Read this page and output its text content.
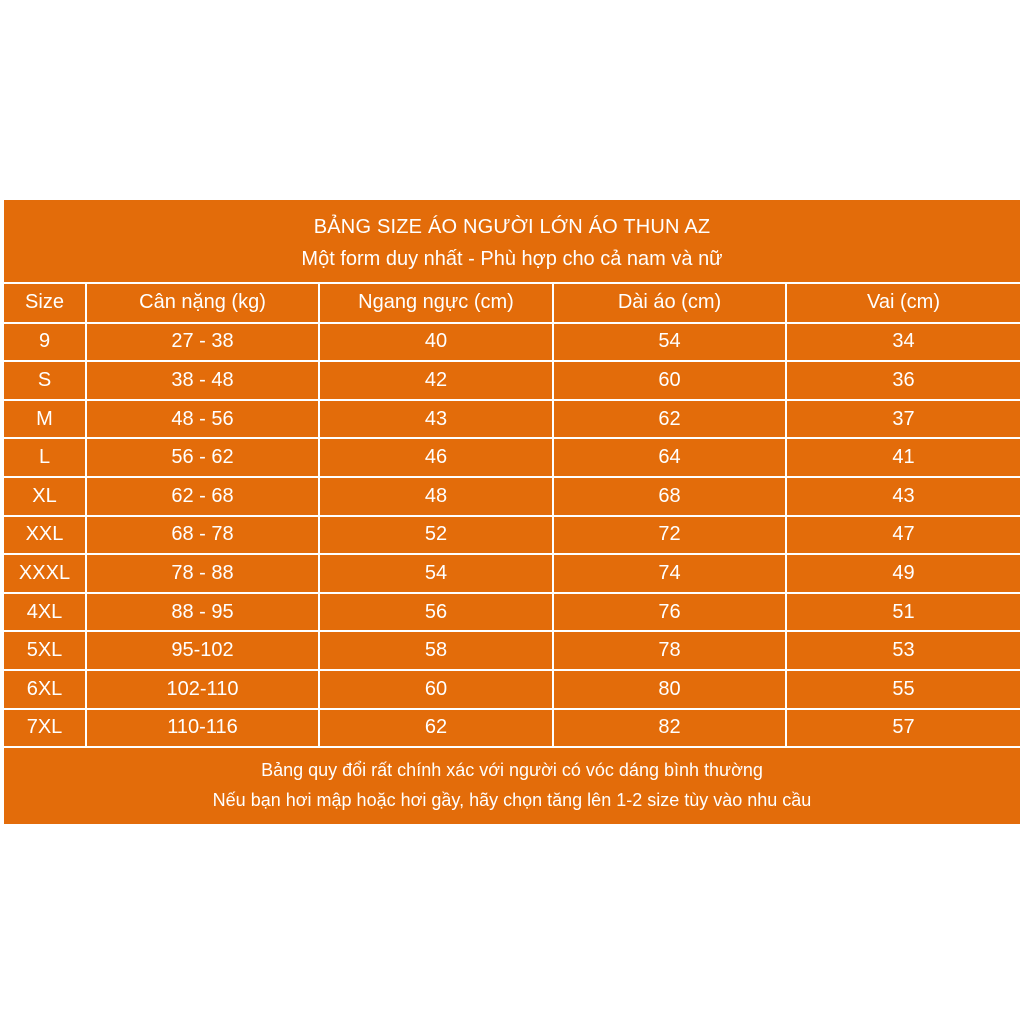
BẢNG SIZE ÁO NGƯỜI LỚN ÁO THUN AZ
Một form duy nhất - Phù hợp cho cả nam và nữ
Size	Cân nặng (kg)	Ngang ngực (cm)	Dài áo (cm)	Vai (cm)
9	27 - 38	40	54	34
S	38 - 48	42	60	36
M	48 - 56	43	62	37
L	56 - 62	46	64	41
XL	62 - 68	48	68	43
XXL	68 - 78	52	72	47
XXXL	78 - 88	54	74	49
4XL	88 - 95	56	76	51
5XL	95-102	58	78	53
6XL	102-110	60	80	55
7XL	110-116	62	82	57
Bảng quy đổi rất chính xác với người có vóc dáng bình thường
Nếu bạn hơi mập hoặc hơi gầy, hãy chọn tăng lên 1-2 size tùy vào nhu cầu
